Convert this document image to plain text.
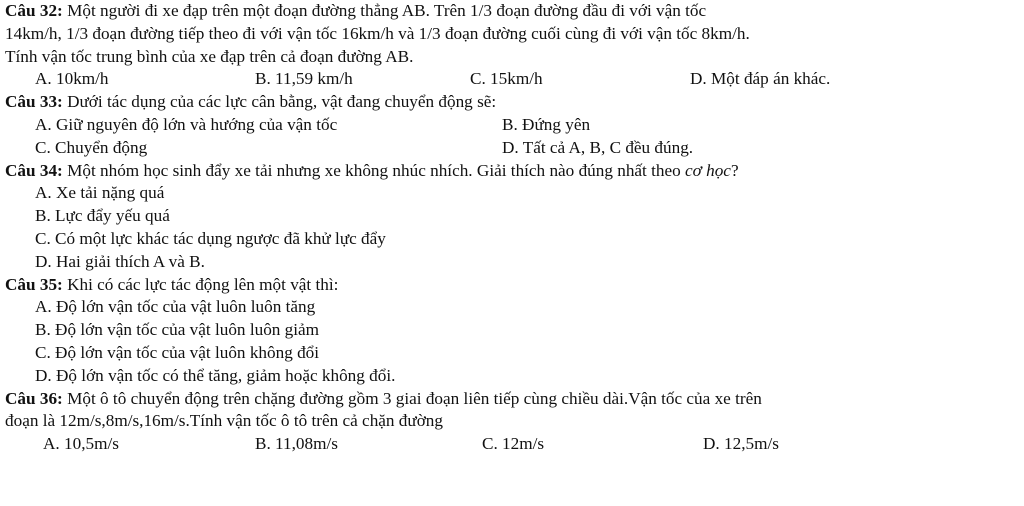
Câu 32: Một người đi xe đạp trên một đoạn đường thẳng AB. Trên 1/3 đoạn đường đầu đi với vận tốc
14km/h, 1/3 đoạn đường tiếp theo đi với vận tốc 16km/h và 1/3 đoạn đường cuối cùng đi với vận tốc 8km/h.
Tính vận tốc trung bình của xe đạp trên cả đoạn đường AB.
A. 10km/h	B. 11,59 km/h	C. 15km/h	D. Một đáp án khác.
Câu 33: Dưới tác dụng của các lực cân bằng, vật đang chuyển động sẽ:
A. Giữ nguyên độ lớn và hướng của vận tốc	B. Đứng yên
C. Chuyển động	D. Tất cả A, B, C đều đúng.
Câu 34: Một nhóm học sinh đẩy xe tải nhưng xe không nhúc nhích. Giải thích nào đúng nhất theo cơ học?
A. Xe tải nặng quá
B. Lực đẩy yếu quá
C. Có một lực khác tác dụng ngược đã khử lực đẩy
D. Hai giải thích A và B.
Câu 35: Khi có các lực tác động lên một vật thì:
A. Độ lớn vận tốc của vật luôn luôn tăng
B. Độ lớn vận tốc của vật luôn luôn giảm
C. Độ lớn vận tốc của vật luôn không đổi
D. Độ lớn vận tốc có thể tăng, giảm hoặc không đổi.
Câu 36: Một ô tô chuyển động trên chặng đường gồm 3 giai đoạn liên tiếp cùng chiều dài.Vận tốc của xe trên
đoạn là 12m/s,8m/s,16m/s.Tính vận tốc ô tô trên cả chặn đường
A. 10,5m/s	B. 11,08m/s	C. 12m/s	D. 12,5m/s
